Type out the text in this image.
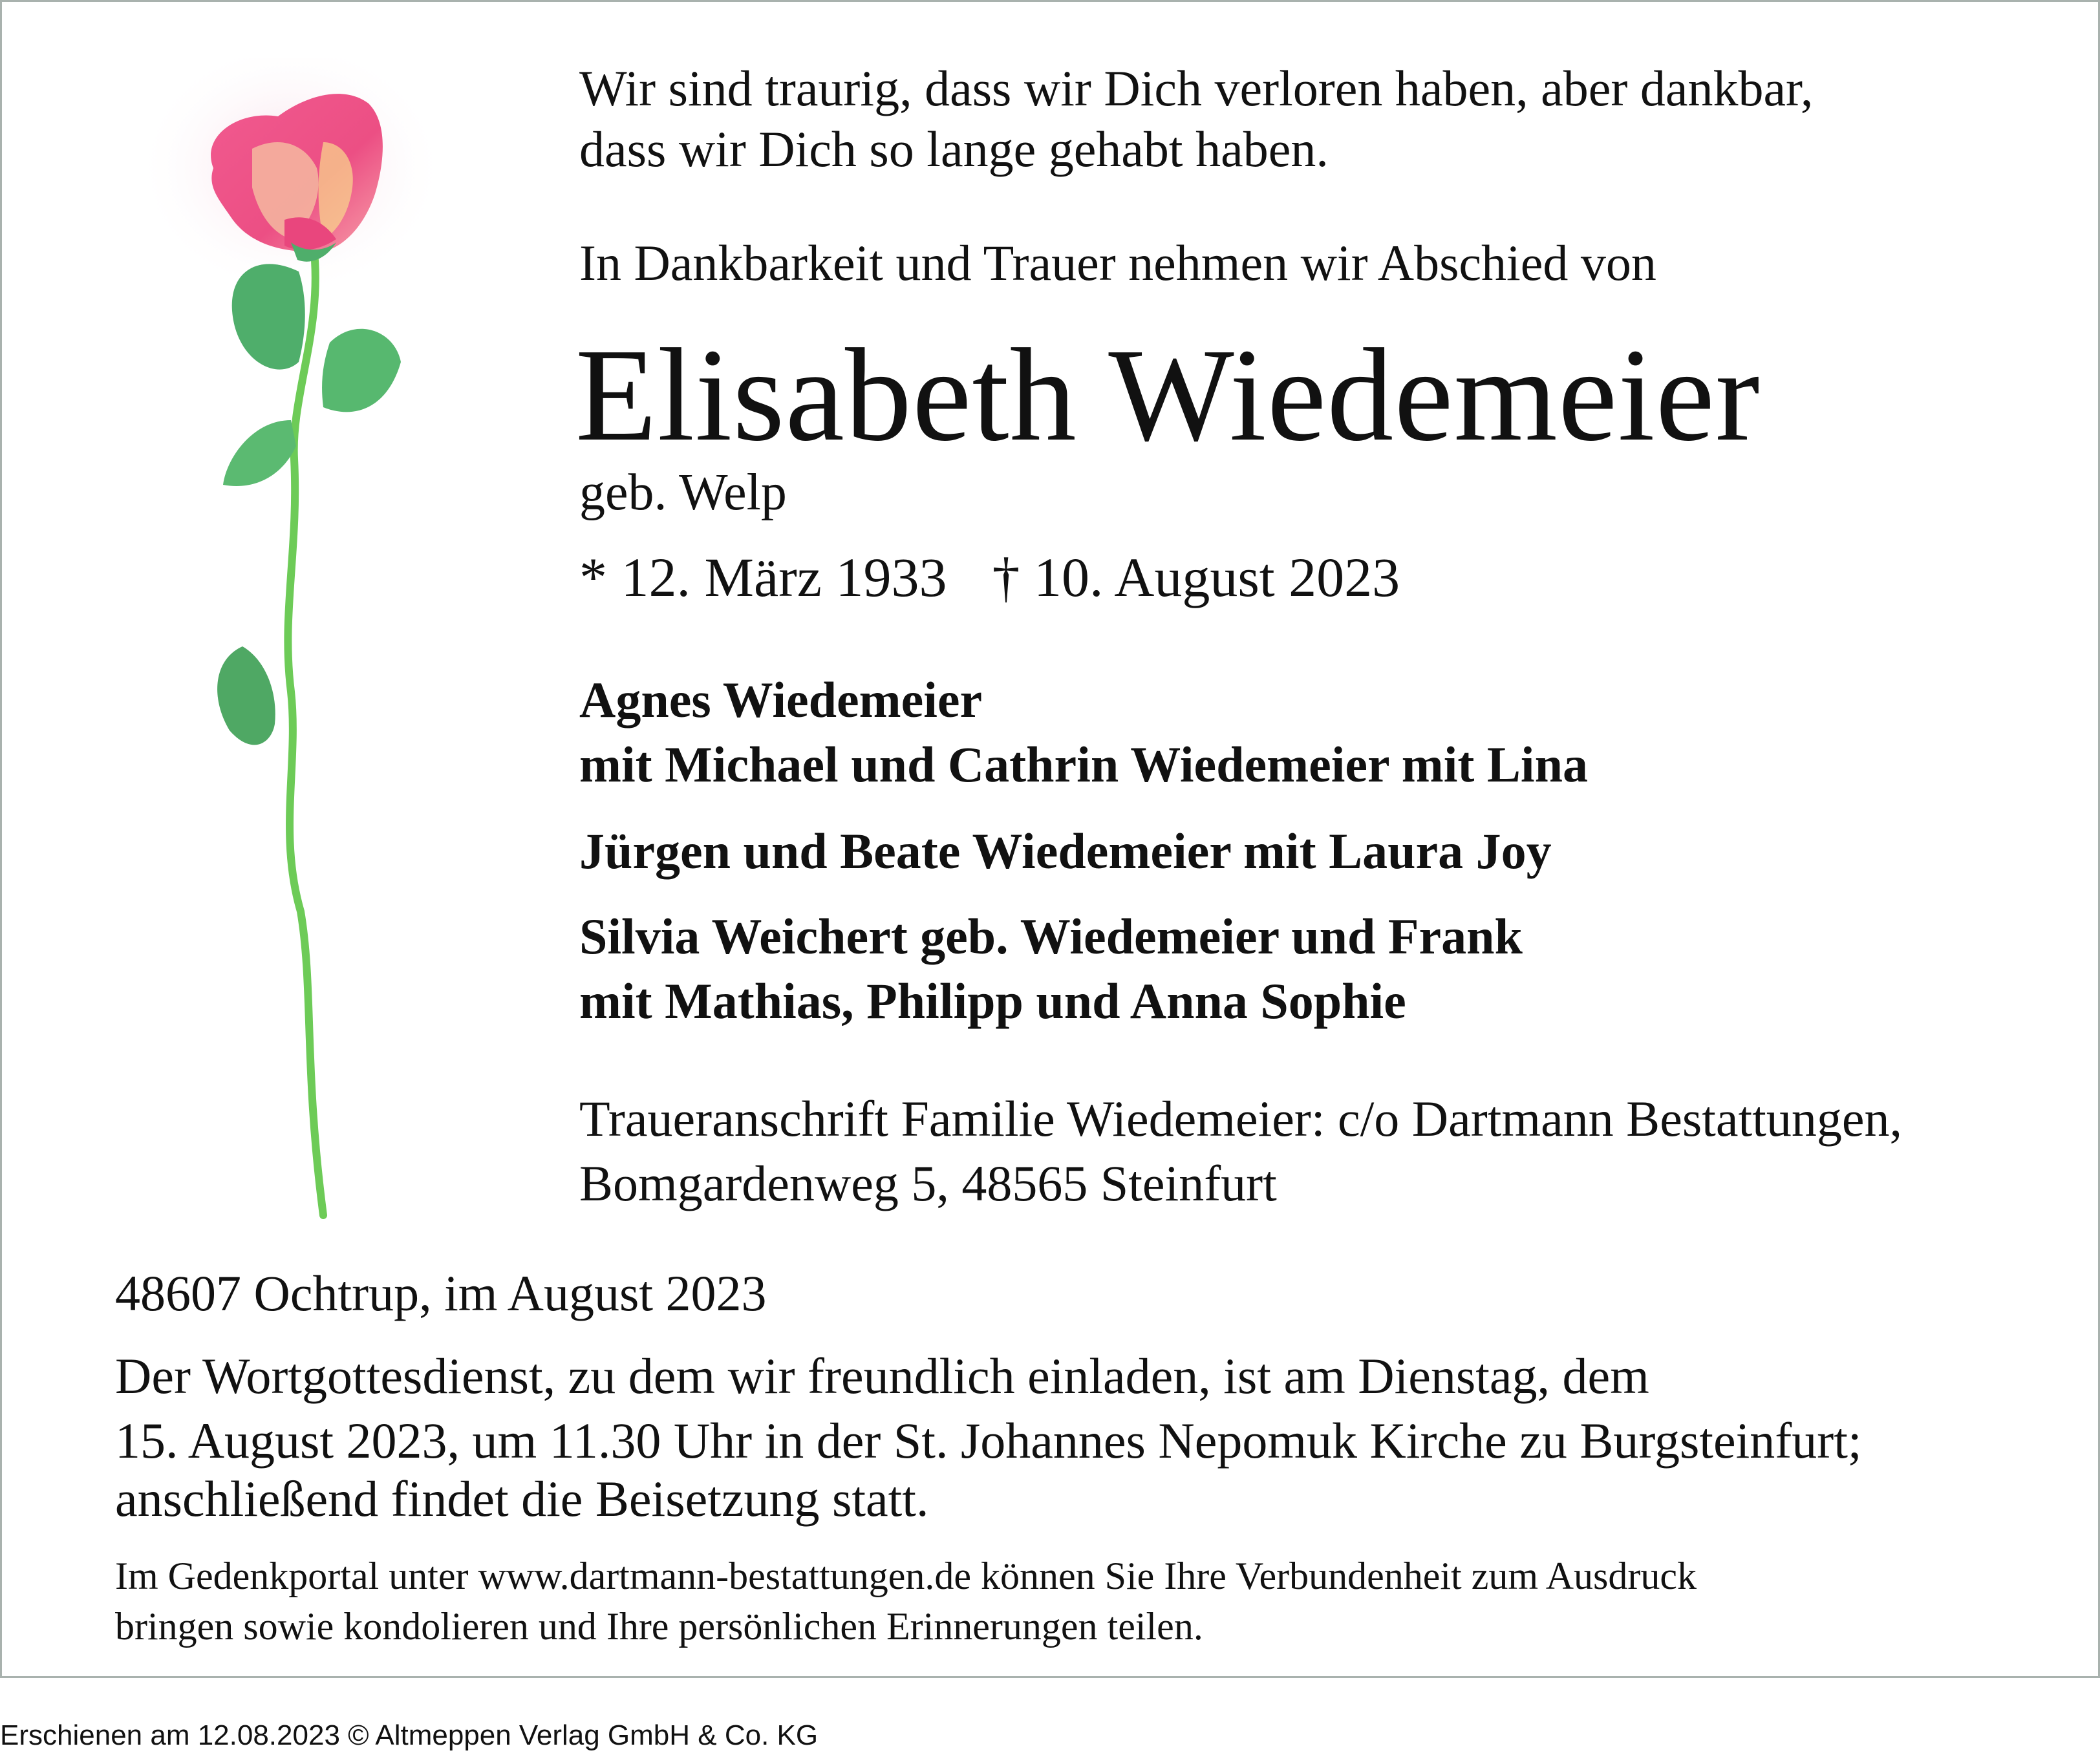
Wir sind traurig, dass wir Dich verloren haben, aber dankbar,
dass wir Dich so lange gehabt haben.
In Dankbarkeit und Trauer nehmen wir Abschied von
Elisabeth Wiedemeier
geb. Welp
* 12. März 1933 † 10. August 2023
Agnes Wiedemeier
mit Michael und Cathrin Wiedemeier mit Lina
Jürgen und Beate Wiedemeier mit Laura Joy
Silvia Weichert geb. Wiedemeier und Frank
mit Mathias, Philipp und Anna Sophie
Traueranschrift Familie Wiedemeier: c/o Dartmann Bestattungen,
Bomgardenweg 5, 48565 Steinfurt
48607 Ochtrup, im August 2023
Der Wortgottesdienst, zu dem wir freundlich einladen, ist am Dienstag, dem
15. August 2023, um 11.30 Uhr in der St. Johannes Nepomuk Kirche zu Burgsteinfurt;
anschließend findet die Beisetzung statt.
Im Gedenkportal unter www.dartmann-bestattungen.de können Sie Ihre Verbundenheit zum Ausdruck
bringen sowie kondolieren und Ihre persönlichen Erinnerungen teilen.
Erschienen am 12.08.2023 © Altmeppen Verlag GmbH & Co. KG
